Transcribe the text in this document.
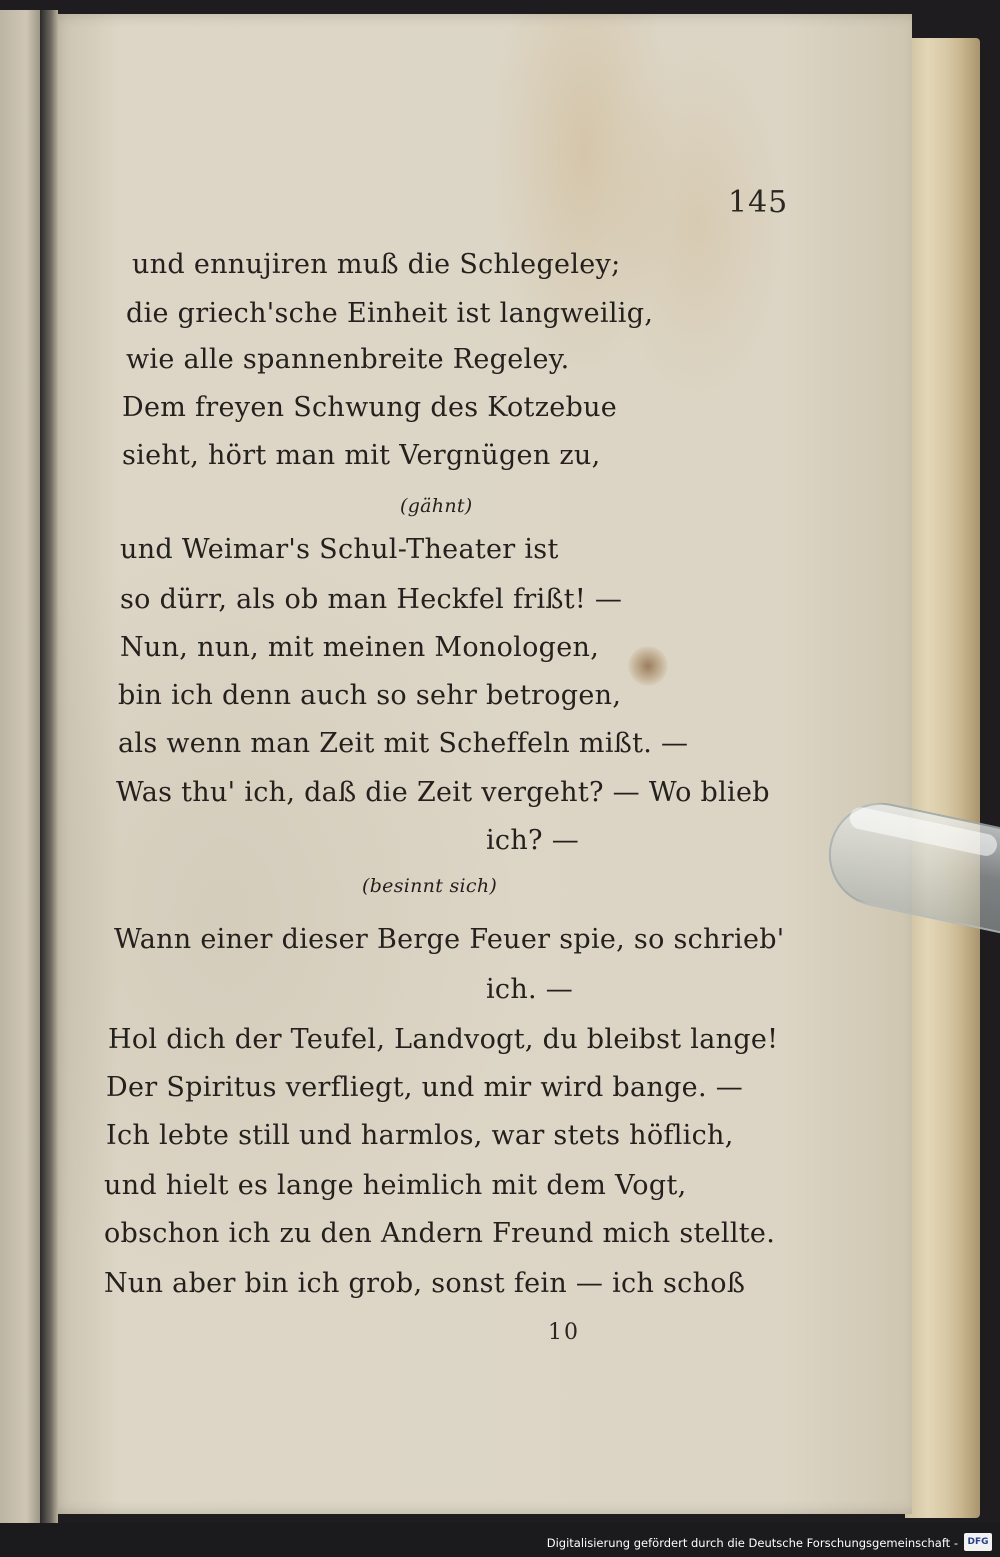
145
und ennujiren muß die Schlegeley;
die griech'sche Einheit ist langweilig,
wie alle spannenbreite Regeley.
Dem freyen Schwung des Kotzebue
sieht, hört man mit Vergnügen zu,
(gähnt)
und Weimar's Schul-Theater ist
so dürr, als ob man Heckfel frißt! —
Nun, nun, mit meinen Monologen,
bin ich denn auch so sehr betrogen,
als wenn man Zeit mit Scheffeln mißt. —
Was thu' ich, daß die Zeit vergeht? — Wo blieb
ich? —
(besinnt sich)
Wann einer dieser Berge Feuer spie, so schrieb'
ich. —
Hol dich der Teufel, Landvogt, du bleibst lange!
Der Spiritus verfliegt, und mir wird bange. —
Ich lebte still und harmlos, war stets höflich,
und hielt es lange heimlich mit dem Vogt,
obschon ich zu den Andern Freund mich stellte.
Nun aber bin ich grob, sonst fein — ich schoß
10
Digitalisierung gefördert durch die Deutsche Forschungsgemeinschaft -	DFG
